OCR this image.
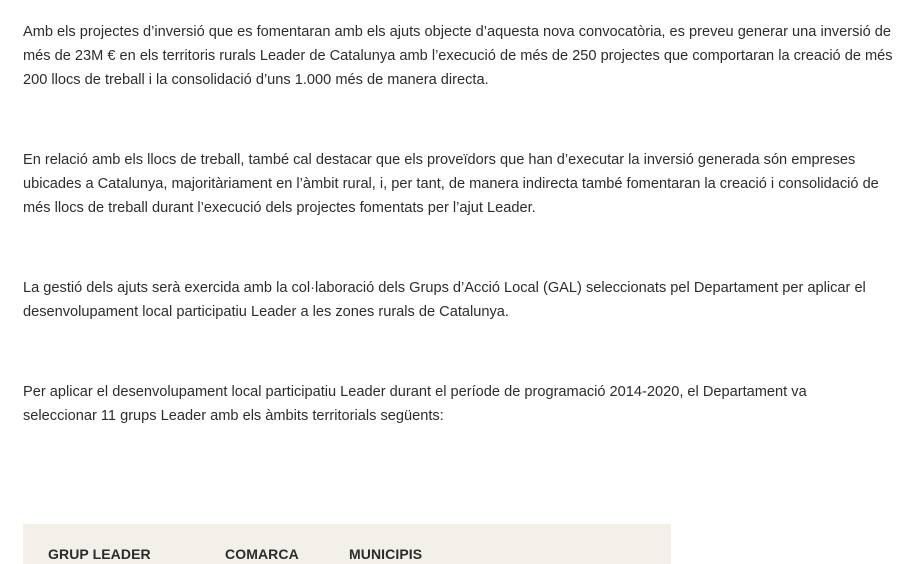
Amb els projectes d’inversió que es fomentaran amb els ajuts objecte d’aquesta nova convocatòria, es preveu generar una inversió de més de 23M € en els territoris rurals Leader de Catalunya amb l’execució de més de 250 projectes que comportaran la creació de més 200 llocs de treball i la consolidació d’uns 1.000 més de manera directa.

En relació amb els llocs de treball, també cal destacar que els proveïdors que han d’executar la inversió generada són empreses ubicades a Catalunya, majoritàriament en l’àmbit rural, i, per tant, de manera indirecta també fomentaran la creació i consolidació de més llocs de treball durant l’execució dels projectes fomentats per l’ajut Leader.

La gestió dels ajuts serà exercida amb la col·laboració dels Grups d’Acció Local (GAL) seleccionats pel Departament per aplicar el desenvolupament local participatiu Leader a les zones rurals de Catalunya.

Per aplicar el desenvolupament local participatiu Leader durant el període de programació 2014-2020, el Departament va seleccionar 11 grups Leader amb els àmbits territorials següents:

GRUP LEADER	COMARCA	MUNICIPIS
